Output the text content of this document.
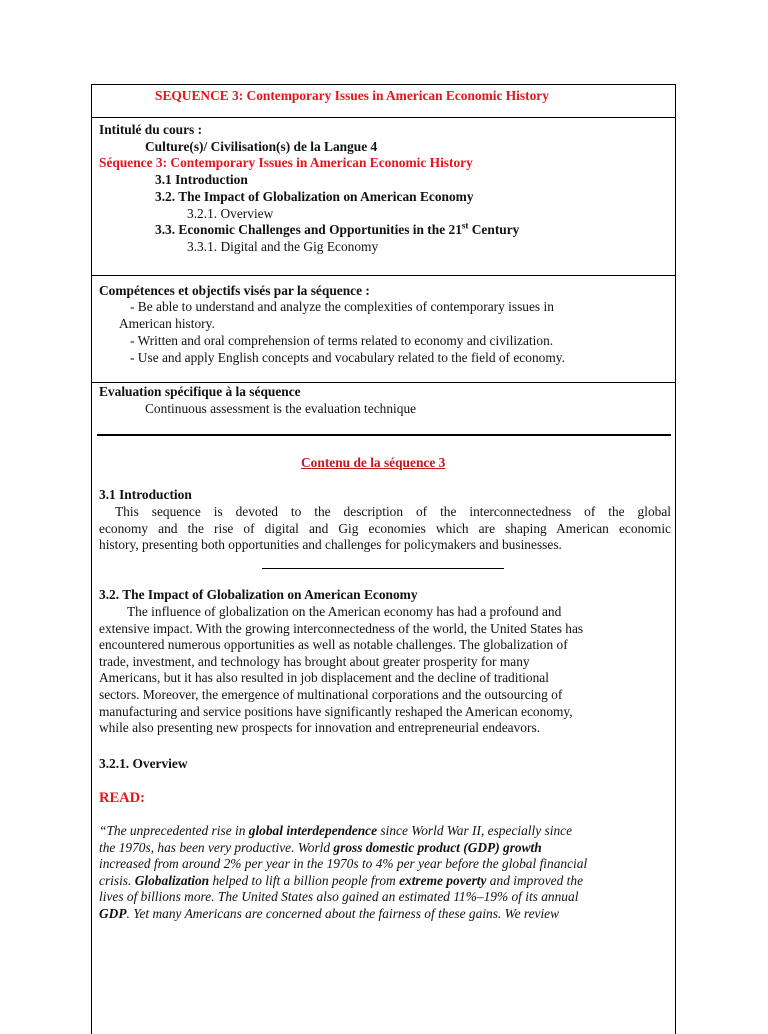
SEQUENCE 3: Contemporary Issues in American Economic History
Intitulé du cours :
Culture(s)/ Civilisation(s) de la Langue 4
Séquence 3: Contemporary Issues in American Economic History
3.1 Introduction
3.2. The Impact of Globalization on American Economy
3.2.1. Overview
3.3. Economic Challenges and Opportunities in the 21st Century
3.3.1. Digital and the Gig Economy
Compétences et objectifs visés par la séquence :
- Be able to understand and analyze the complexities of contemporary issues in
American history.
- Written and oral comprehension of terms related to economy and civilization.
- Use and apply English concepts and vocabulary related to the field of economy.
Evaluation spécifique à la séquence
Continuous assessment is the evaluation technique
Contenu de la séquence 3
3.1 Introduction
This sequence is devoted to the description of the interconnectedness of the global
economy and the rise of digital and Gig economies which are shaping American economic
history, presenting both opportunities and challenges for policymakers and businesses.
3.2. The Impact of Globalization on American Economy
The influence of globalization on the American economy has had a profound and
extensive impact. With the growing interconnectedness of the world, the United States has
encountered numerous opportunities as well as notable challenges. The globalization of
trade, investment, and technology has brought about greater prosperity for many
Americans, but it has also resulted in job displacement and the decline of traditional
sectors. Moreover, the emergence of multinational corporations and the outsourcing of
manufacturing and service positions have significantly reshaped the American economy,
while also presenting new prospects for innovation and entrepreneurial endeavors.
3.2.1. Overview
READ:
“The unprecedented rise in global interdependence since World War II, especially since
the 1970s, has been very productive. World gross domestic product (GDP) growth
increased from around 2% per year in the 1970s to 4% per year before the global financial
crisis. Globalization helped to lift a billion people from extreme poverty and improved the
lives of billions more. The United States also gained an estimated 11%–19% of its annual
GDP. Yet many Americans are concerned about the fairness of these gains. We review
